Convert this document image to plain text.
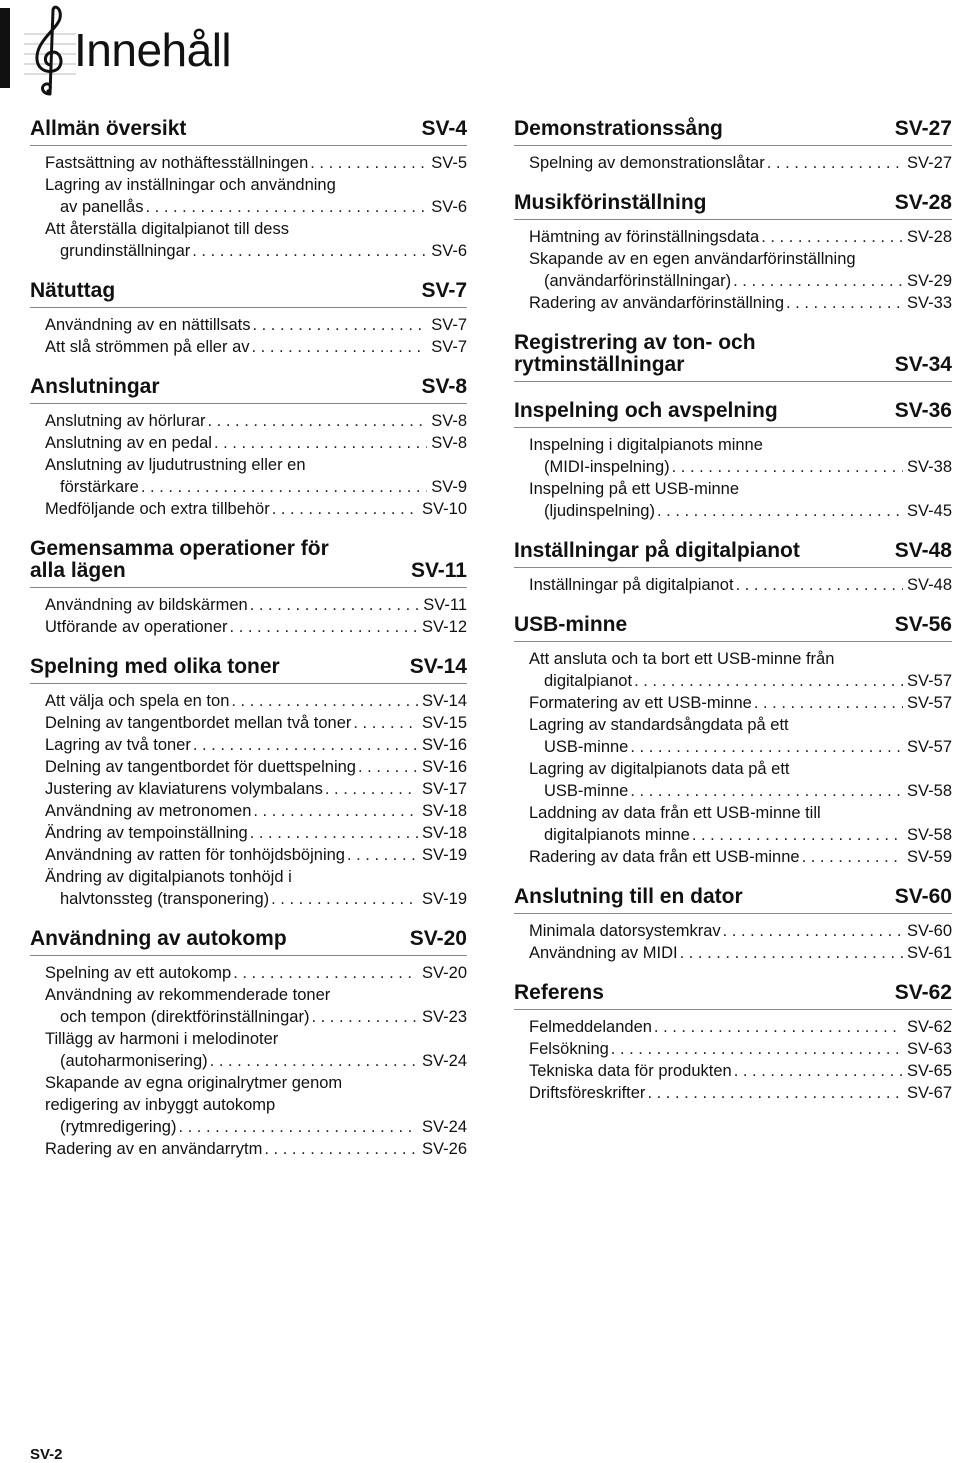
Innehåll
Allmän översikt	SV-4
Fastsättning av nothäftesställningen . . .	SV-5
Lagring av inställningar och användning
av panellås . . .	SV-6
Att återställa digitalpianot till dess
grundinställningar . . .	SV-6
Nätuttag	SV-7
Användning av en nättillsats . . .	SV-7
Att slå strömmen på eller av . . .	SV-7
Anslutningar	SV-8
Anslutning av hörlurar . . .	SV-8
Anslutning av en pedal . . .	SV-8
Anslutning av ljudutrustning eller en
förstärkare . . .	SV-9
Medföljande och extra tillbehör . . .	SV-10
Gemensamma operationer för
alla lägen	SV-11
Användning av bildskärmen . . .	SV-11
Utförande av operationer . . .	SV-12
Spelning med olika toner	SV-14
Att välja och spela en ton . . .	SV-14
Delning av tangentbordet mellan två toner . . .	SV-15
Lagring av två toner . . .	SV-16
Delning av tangentbordet för duettspelning . . .	SV-16
Justering av klaviaturens volymbalans . . .	SV-17
Användning av metronomen . . .	SV-18
Ändring av tempoinställning . . .	SV-18
Användning av ratten för tonhöjdsböjning . . .	SV-19
Ändring av digitalpianots tonhöjd i
halvtonssteg (transponering) . . .	SV-19
Användning av autokomp	SV-20
Spelning av ett autokomp . . .	SV-20
Användning av rekommenderade toner
och tempon (direktförinställningar) . . .	SV-23
Tillägg av harmoni i melodinoter
(autoharmonisering) . . .	SV-24
Skapande av egna originalrytmer genom
redigering av inbyggt autokomp
(rytmredigering) . . .	SV-24
Radering av en användarrytm . . .	SV-26
Demonstrationssång	SV-27
Spelning av demonstrationslåtar . . .	SV-27
Musikförinställning	SV-28
Hämtning av förinställningsdata . . .	SV-28
Skapande av en egen användarförinställning
(användarförinställningar) . . .	SV-29
Radering av användarförinställning . . .	SV-33
Registrering av ton- och
rytminställningar	SV-34
Inspelning och avspelning	SV-36
Inspelning i digitalpianots minne
(MIDI-inspelning) . . .	SV-38
Inspelning på ett USB-minne
(ljudinspelning) . . .	SV-45
Inställningar på digitalpianot	SV-48
Inställningar på digitalpianot . . .	SV-48
USB-minne	SV-56
Att ansluta och ta bort ett USB-minne från
digitalpianot . . .	SV-57
Formatering av ett USB-minne . . .	SV-57
Lagring av standardsångdata på ett
USB-minne . . .	SV-57
Lagring av digitalpianots data på ett
USB-minne . . .	SV-58
Laddning av data från ett USB-minne till
digitalpianots minne . . .	SV-58
Radering av data från ett USB-minne . . .	SV-59
Anslutning till en dator	SV-60
Minimala datorsystemkrav . . .	SV-60
Användning av MIDI . . .	SV-61
Referens	SV-62
Felmeddelanden . . .	SV-62
Felsökning . . .	SV-63
Tekniska data för produkten . . .	SV-65
Driftsföreskrifter . . .	SV-67
SV-2
